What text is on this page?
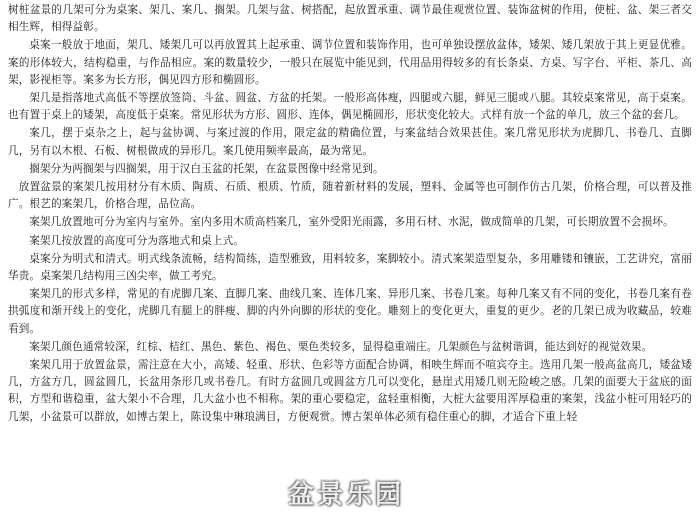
树桩盆景的几架可分为桌案、架几、案几、搁架。几架与盆、树搭配，起放置承重、调节最佳观赏位置、装饰盆树的作用，使桩、盆、架三者交相生辉，相得益彰。

桌案一般放于地面，架几、矮架几可以再放置其上起承重、调节位置和装饰作用，也可单独设摆放盆体，矮架、矮几架放于其上更显优雅。案的形体较大，结构稳重，与作品相应。案的数量较少，一般只在展览中能见到，代用品用得较多的有长条桌、方桌、写字台、平柜、茶几、高架，影视柜等。案多为长方形，偶见四方形和椭圆形。

架几是指落地式高低不等摆放签筒、斗盆、圆盆、方盆的托架。一般形高体瘦，四腿或六腿，鲜见三腿或八腿。其较桌案常见，高于桌案。也有置于桌上的矮架，高度低于桌案。常见形状为方形、圆形、连体，偶见椭圆形，形状变化较大。式样有放一个盆的单几，放三个盆的套几。

案几，摆于桌杂之上，起与盆协调、与案过渡的作用，限定盆的精确位置，与案盆结合效果甚佳。案几常见形状为虎脚几、书卷几、直脚几，另有以木根、石板、树根做成的异形几。案几使用频率最高，最为常见。

搁架分为两搁架与四搁架，用于汉白玉盆的托架，在盆景图像中经常见到。

放置盆景的案架几按用材分有木质、陶质、石质、根质、竹质，随着新材料的发展，塑料、金属等也可制作仿古几架，价格合理，可以普及推广。根艺的案架几，价格合理，品位高。

案架几放置地可分为室内与室外。室内多用木质高档案几，室外受阳光雨露，多用石材、水泥，做成简单的几架，可长期放置不会损坏。

案架几按放置的高度可分为落地式和桌上式。

桌案分为明式和清式。明式线条流畅，结构简练，造型雅致，用料较多，案脚较小。清式案架造型复杂，多用雕镂和镶嵌，工艺讲究，富丽华贵。桌案架几结构用三凶尖率，做工考究。

案架几的形式多样，常见的有虎脚几案、直脚几案、曲线几案、连体几案、异形几案、书卷几案。每种几案又有不同的变化，书卷几案有卷拱弧度和渐开线上的变化，虎脚几有腿上的胖瘦、脚的内外向脚的形状的变化。雕刻上的变化更大，重复的更少。老的几架已成为收藏品，较难看到。

案架几颜色通常较深，红棕、桔红、黑色、紫色、褐色、栗色类较多，显得稳重端庄。几架颜色与盆树谐调，能达到好的视觉效果。

案架几用于放置盆景，需注意在大小，高矮、轻重、形状、色彩等方面配合协调，相映生辉而不喧宾夺主。选用几架一般高盆高几，矮盆矮几，方盆方几，圆盆圆几，长盆用条形几或书卷几。有时方盆圆几或圆盆方几可以变化，悬崖式用矮几则无险峻之感。几架的面要大于盆底的面积，方型和谐稳重，盆大架小不合理，几大盆小也不相称。架的重心要稳定，盆轻重相衡，大桩大盆要用浑厚稳重的案架，浅盆小桩可用轻巧的几架，小盆景可以群放，如博古架上，陈设集中琳琅满目，方便观赏。博古架单体必须有稳住重心的脚，才适合下重上轻

盆景乐园
